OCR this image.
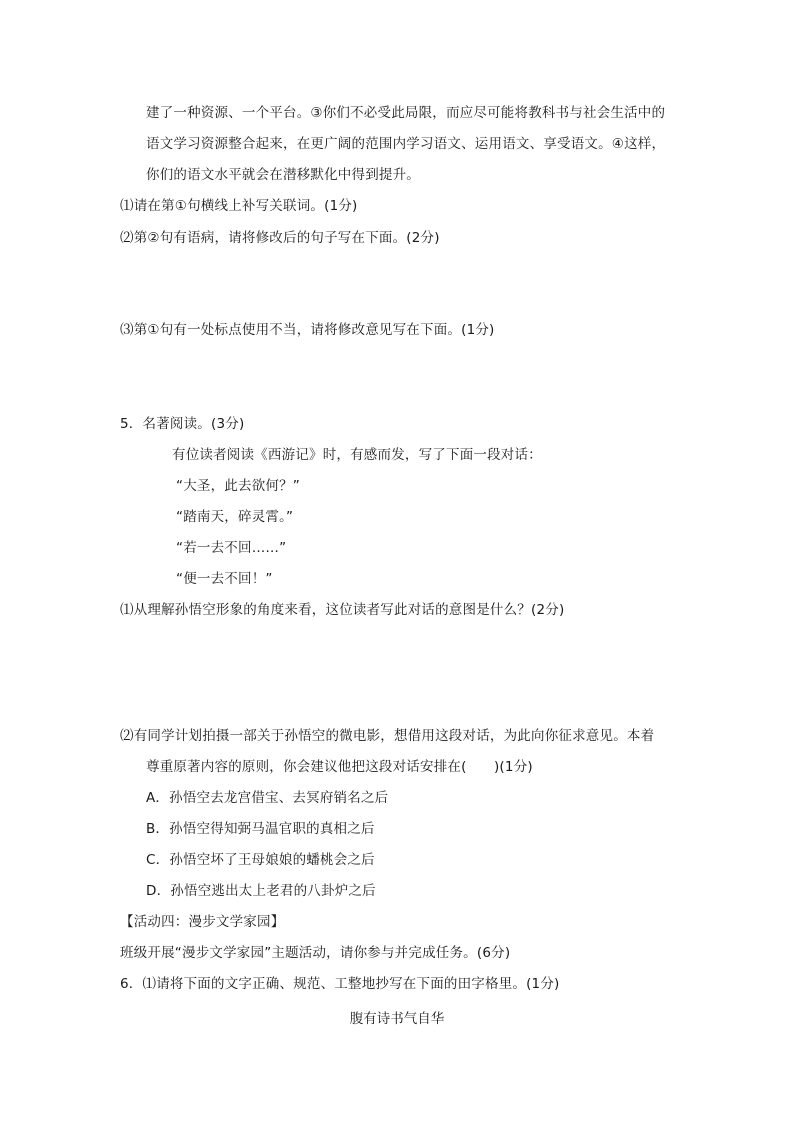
建了一种资源、一个平台。③你们不必受此局限，而应尽可能将教科书与社会生活中的
语文学习资源整合起来，在更广阔的范围内学习语文、运用语文、享受语文。④这样，
你们的语文水平就会在潜移默化中得到提升。
⑴请在第①句横线上补写关联词。(1分)
⑵第②句有语病，请将修改后的句子写在下面。(2分)
⑶第①句有一处标点使用不当，请将修改意见写在下面。(1分)
5．名著阅读。(3分)
有位读者阅读《西游记》时，有感而发，写了下面一段对话：
“大圣，此去欲何？”
“踏南天，碎灵霄。”
“若一去不回……”
“便一去不回！”
⑴从理解孙悟空形象的角度来看，这位读者写此对话的意图是什么？(2分)
⑵有同学计划拍摄一部关于孙悟空的微电影，想借用这段对话，为此向你征求意见。本着
尊重原著内容的原则，你会建议他把这段对话安排在(　　)(1分)
A．孙悟空去龙宫借宝、去冥府销名之后
B．孙悟空得知弼马温官职的真相之后
C．孙悟空坏了王母娘娘的蟠桃会之后
D．孙悟空逃出太上老君的八卦炉之后
【活动四：漫步文学家园】
班级开展“漫步文学家园”主题活动，请你参与并完成任务。(6分)
6．⑴请将下面的文字正确、规范、工整地抄写在下面的田字格里。(1分)
腹有诗书气自华
